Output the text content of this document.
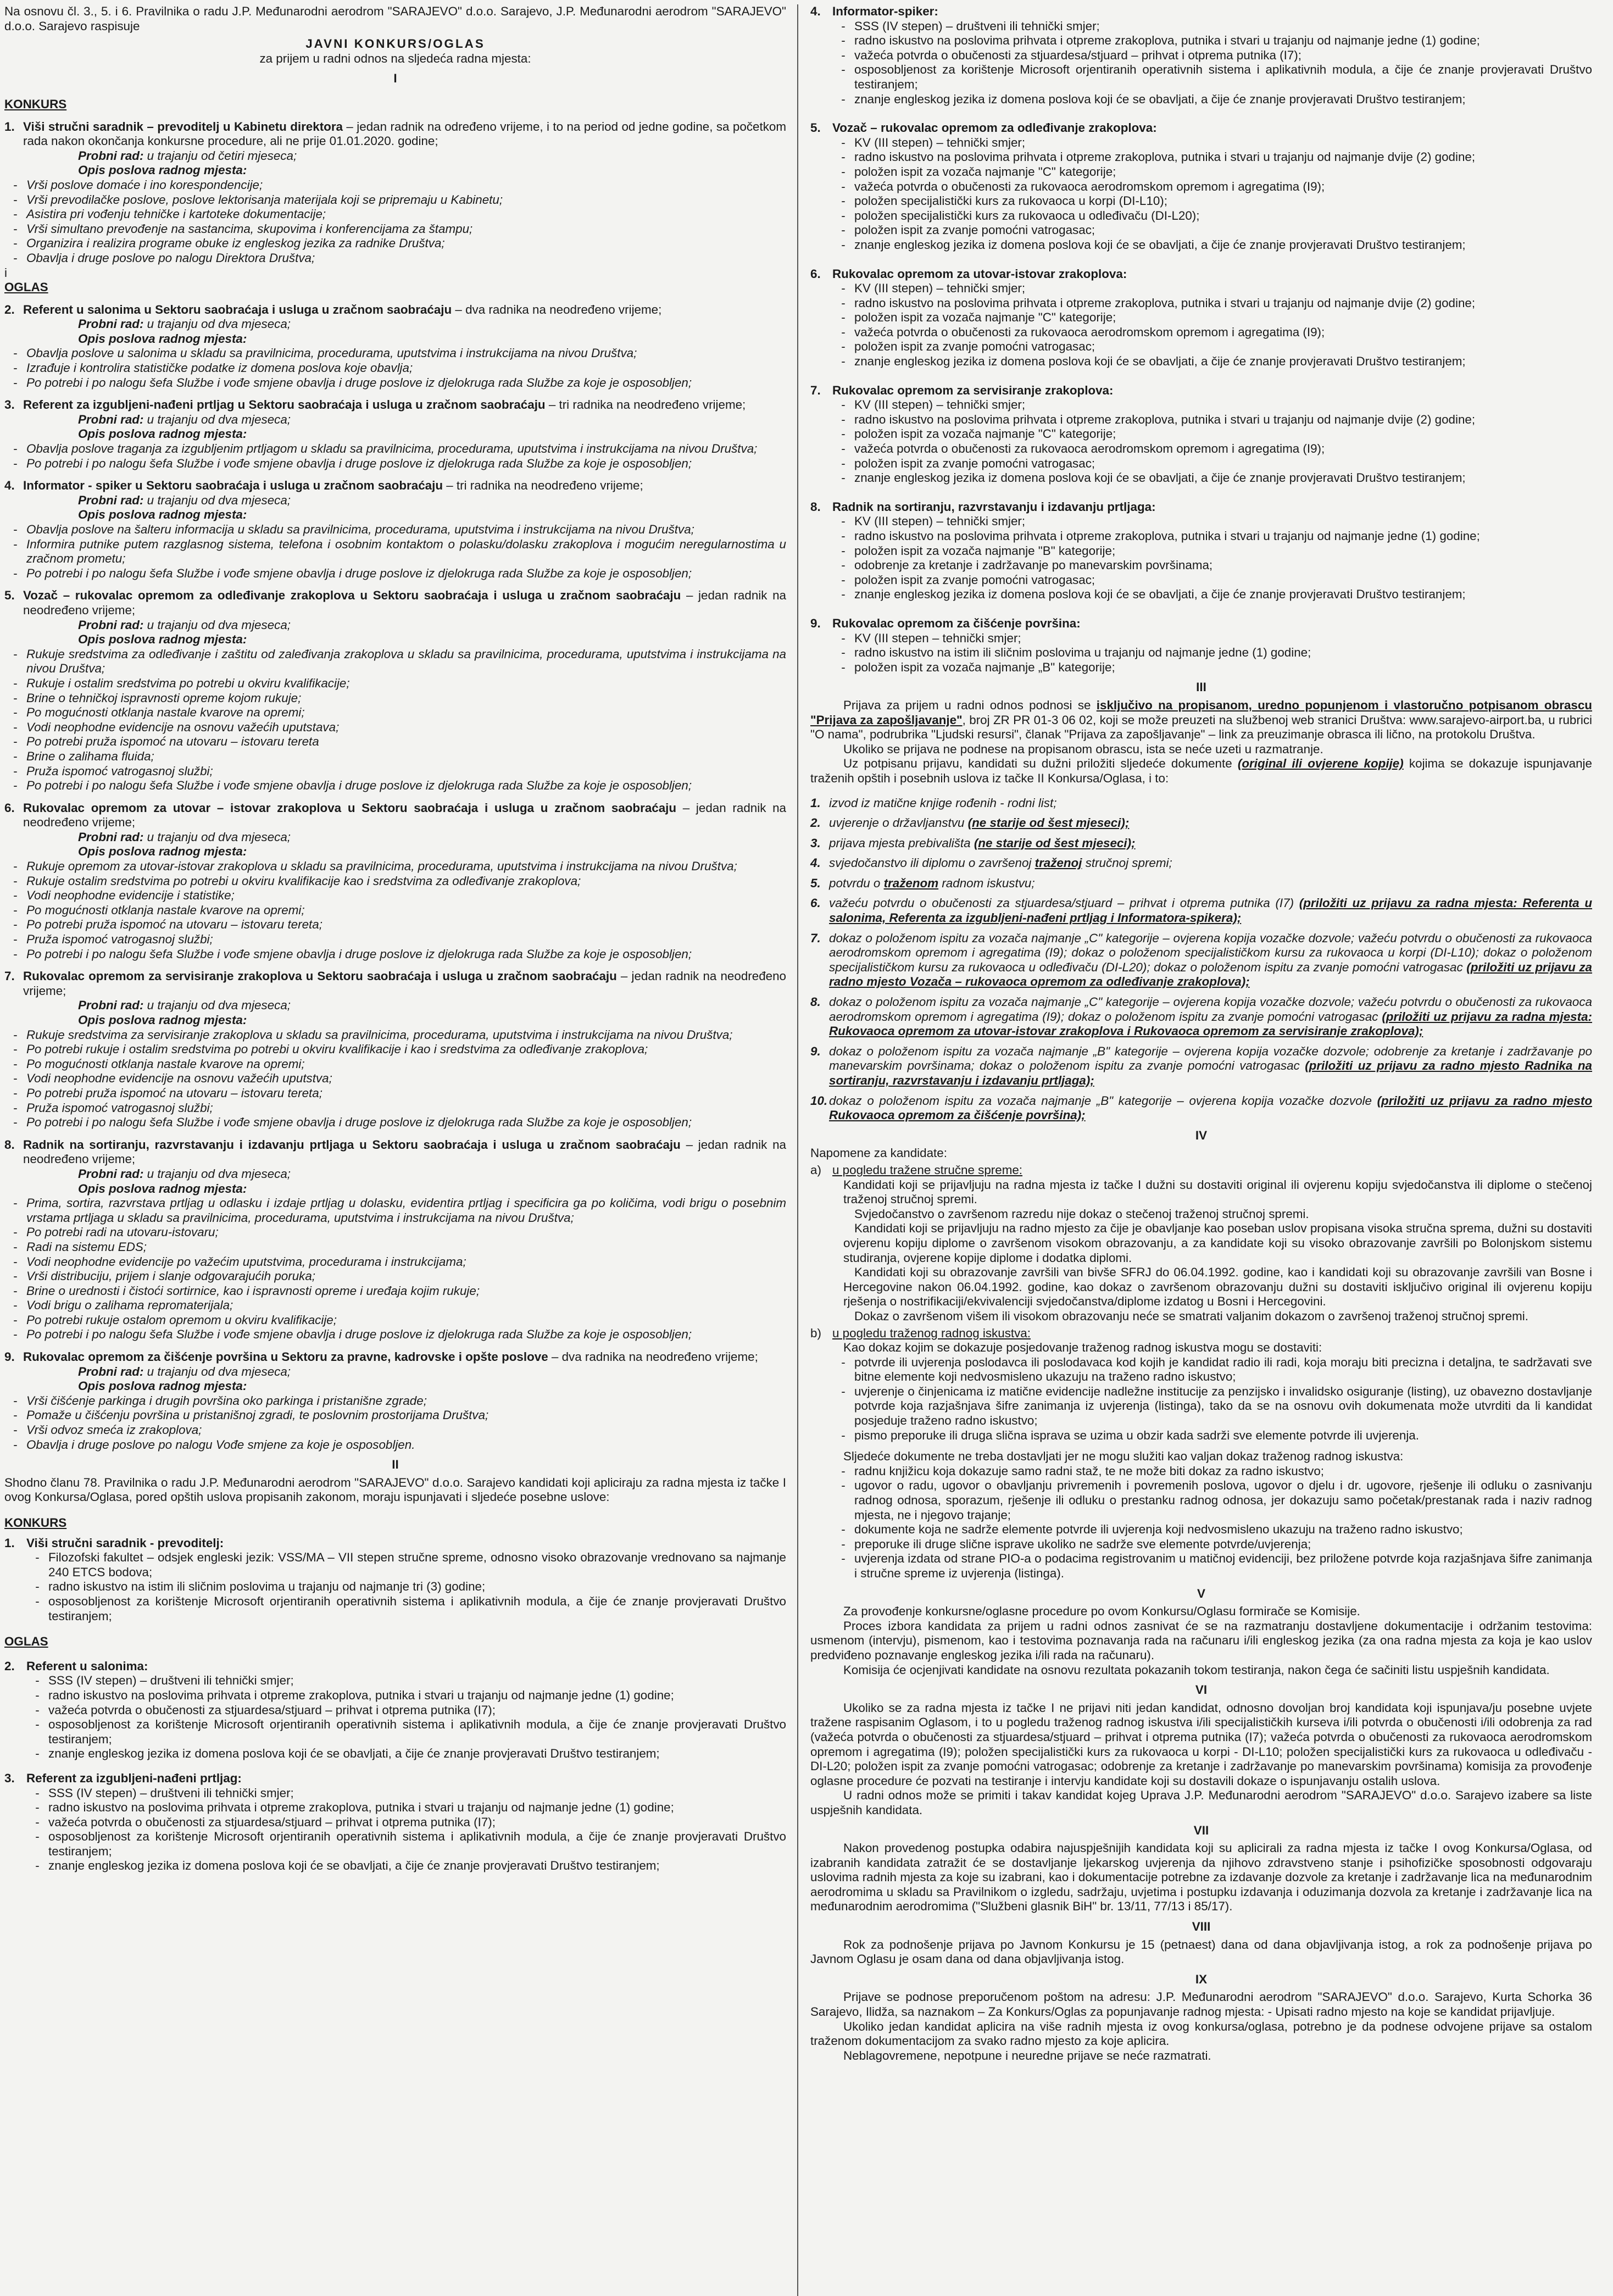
Na osnovu čl. 3., 5. i 6. Pravilnika o radu J.P. Međunarodni aerodrom "SARAJEVO" d.o.o. Sarajevo, J.P. Međunarodni aerodrom "SARAJEVO" d.o.o. Sarajevo raspisuje

JAVNI KONKURS/OGLAS

za prijem u radni odnos na sljedeća radna mjesta:

I

KONKURS

1. Viši stručni saradnik – prevoditelj u Kabinetu direktora – jedan radnik na određeno vrijeme, i to na period od jedne godine, sa početkom rada nakon okončanja konkursne procedure, ali ne prije 01.01.2020. godine;

Probni rad: u trajanju od četiri mjeseca;

Opis poslova radnog mjesta:

- Vrši poslove domaće i ino korespondencije;
- Vrši prevodilačke poslove, poslove lektorisanja materijala koji se pripremaju u Kabinetu;
- Asistira pri vođenju tehničke i kartoteke dokumentacije;
- Vrši simultano prevođenje na sastancima, skupovima i konferencijama za štampu;
- Organizira i realizira programe obuke iz engleskog jezika za radnike Društva;
- Obavlja i druge poslove po nalogu Direktora Društva;

i

OGLAS

2. Referent u salonima u Sektoru saobraćaja i usluga u zračnom saobraćaju – dva radnika na neodređeno vrijeme;

Probni rad: u trajanju od dva mjeseca;

Opis poslova radnog mjesta:

- Obavlja poslove u salonima u skladu sa pravilnicima, procedurama, uputstvima i instrukcijama na nivou Društva;
- Izrađuje i kontrolira statističke podatke iz domena poslova koje obavlja;
- Po potrebi i po nalogu šefa Službe i vođe smjene obavlja i druge poslove iz djelokruga rada Službe za koje je osposobljen;
3. Referent za izgubljeni-nađeni prtljag u Sektoru saobraćaja i usluga u zračnom saobraćaju – tri radnika na neodređeno vrijeme;

Probni rad: u trajanju od dva mjeseca;

Opis poslova radnog mjesta:

- Obavlja poslove traganja za izgubljenim prtljagom u skladu sa pravilnicima, procedurama, uputstvima i instrukcijama na nivou Društva;
- Po potrebi i po nalogu šefa Službe i vođe smjene obavlja i druge poslove iz djelokruga rada Službe za koje je osposobljen;
4. Informator - spiker u Sektoru saobraćaja i usluga u zračnom saobraćaju – tri radnika na neodređeno vrijeme;

Probni rad: u trajanju od dva mjeseca;

Opis poslova radnog mjesta:

- Obavlja poslove na šalteru informacija u skladu sa pravilnicima, procedurama, uputstvima i instrukcijama na nivou Društva;
- Informira putnike putem razglasnog sistema, telefona i osobnim kontaktom o polasku/dolasku zrakoplova i mogućim neregularnostima u zračnom prometu;
- Po potrebi i po nalogu šefa Službe i vođe smjene obavlja i druge poslove iz djelokruga rada Službe za koje je osposobljen;
5. Vozač – rukovalac opremom za odleđivanje zrakoplova u Sektoru saobraćaja i usluga u zračnom saobraćaju – jedan radnik na neodređeno vrijeme;

Probni rad: u trajanju od dva mjeseca;

Opis poslova radnog mjesta:

- Rukuje sredstvima za odleđivanje i zaštitu od zaleđivanja zrakoplova u skladu sa pravilnicima, procedurama, uputstvima i instrukcijama na nivou Društva;
- Rukuje i ostalim sredstvima po potrebi u okviru kvalifikacije;
- Brine o tehničkoj ispravnosti opreme kojom rukuje;
- Po mogućnosti otklanja nastale kvarove na opremi;
- Vodi neophodne evidencije na osnovu važećih uputstava;
- Po potrebi pruža ispomoć na utovaru – istovaru tereta
- Brine o zalihama fluida;
- Pruža ispomoć vatrogasnoj službi;
- Po potrebi i po nalogu šefa Službe i vođe smjene obavlja i druge poslove iz djelokruga rada Službe za koje je osposobljen;
6. Rukovalac opremom za utovar – istovar zrakoplova u Sektoru saobraćaja i usluga u zračnom saobraćaju – jedan radnik na neodređeno vrijeme;

Probni rad: u trajanju od dva mjeseca;

Opis poslova radnog mjesta:

- Rukuje opremom za utovar-istovar zrakoplova u skladu sa pravilnicima, procedurama, uputstvima i instrukcijama na nivou Društva;
- Rukuje ostalim sredstvima po potrebi u okviru kvalifikacije kao i sredstvima za odleđivanje zrakoplova;
- Vodi neophodne evidencije i statistike;
- Po mogućnosti otklanja nastale kvarove na opremi;
- Po potrebi pruža ispomoć na utovaru – istovaru tereta;
- Pruža ispomoć vatrogasnoj službi;
- Po potrebi i po nalogu šefa Službe i vođe smjene obavlja i druge poslove iz djelokruga rada Službe za koje je osposobljen;
7. Rukovalac opremom za servisiranje zrakoplova u Sektoru saobraćaja i usluga u zračnom saobraćaju – jedan radnik na neodređeno vrijeme;

Probni rad: u trajanju od dva mjeseca;

Opis poslova radnog mjesta:

- Rukuje sredstvima za servisiranje zrakoplova u skladu sa pravilnicima, procedurama, uputstvima i instrukcijama na nivou Društva;
- Po potrebi rukuje i ostalim sredstvima po potrebi u okviru kvalifikacije i kao i sredstvima za odleđivanje zrakoplova;
- Po mogućnosti otklanja nastale kvarove na opremi;
- Vodi neophodne evidencije na osnovu važećih uputstva;
- Po potrebi pruža ispomoć na utovaru – istovaru tereta;
- Pruža ispomoć vatrogasnoj službi;
- Po potrebi i po nalogu šefa Službe i vođe smjene obavlja i druge poslove iz djelokruga rada Službe za koje je osposobljen;
8. Radnik na sortiranju, razvrstavanju i izdavanju prtljaga u Sektoru saobraćaja i usluga u zračnom saobraćaju – jedan radnik na neodređeno vrijeme;

Probni rad: u trajanju od dva mjeseca;

Opis poslova radnog mjesta:

- Prima, sortira, razvrstava prtljag u odlasku i izdaje prtljag u dolasku, evidentira prtljag i specificira ga po količima, vodi brigu o posebnim vrstama prtljaga u skladu sa pravilnicima, procedurama, uputstvima i instrukcijama na nivou Društva;
- Po potrebi radi na utovaru-istovaru;
- Radi na sistemu EDS;
- Vodi neophodne evidencije po važećim uputstvima, procedurama i instrukcijama;
- Vrši distribuciju, prijem i slanje odgovarajućih poruka;
- Brine o urednosti i čistoći sortirnice, kao i ispravnosti opreme i uređaja kojim rukuje;
- Vodi brigu o zalihama repromaterijala;
- Po potrebi rukuje ostalom opremom u okviru kvalifikacije;
- Po potrebi i po nalogu šefa Službe i vođe smjene obavlja i druge poslove iz djelokruga rada Službe za koje je osposobljen;
9. Rukovalac opremom za čišćenje površina u Sektoru za pravne, kadrovske i opšte poslove – dva radnika na neodređeno vrijeme;

Probni rad: u trajanju od dva mjeseca;

Opis poslova radnog mjesta:

- Vrši čišćenje parkinga i drugih površina oko parkinga i pristanišne zgrade;
- Pomaže u čišćenju površina u pristanišnoj zgradi, te poslovnim prostorijama Društva;
- Vrši odvoz smeća iz zrakoplova;
- Obavlja i druge poslove po nalogu Vođe smjene za koje je osposobljen.

II

Shodno članu 78. Pravilnika o radu J.P. Međunarodni aerodrom "SARAJEVO" d.o.o. Sarajevo kandidati koji apliciraju za radna mjesta iz tačke I ovog Konkursa/Oglasa, pored opštih uslova propisanih zakonom, moraju ispunjavati i sljedeće posebne uslove:

KONKURS

1. Viši stručni saradnik - prevoditelj:
- Filozofski fakultet – odsjek engleski jezik: VSS/MA – VII stepen stručne spreme, odnosno visoko obrazovanje vrednovano sa najmanje 240 ETCS bodova;
- radno iskustvo na istim ili sličnim poslovima u trajanju od najmanje tri (3) godine;
- osposobljenost za korištenje Microsoft orjentiranih operativnih sistema i aplikativnih modula, a čije će znanje provjeravati Društvo testiranjem;

OGLAS

2. Referent u salonima:
- SSS (IV stepen) – društveni ili tehnički smjer;
- radno iskustvo na poslovima prihvata i otpreme zrakoplova, putnika i stvari u trajanju od najmanje jedne (1) godine;
- važeća potvrda o obučenosti za stjuardesa/stjuard – prihvat i otprema putnika (I7);
- osposobljenost za korištenje Microsoft orjentiranih operativnih sistema i aplikativnih modula, a čije će znanje provjeravati Društvo testiranjem;
- znanje engleskog jezika iz domena poslova koji će se obavljati, a čije će znanje provjeravati Društvo testiranjem;
3. Referent za izgubljeni-nađeni prtljag:
- SSS (IV stepen) – društveni ili tehnički smjer;
- radno iskustvo na poslovima prihvata i otpreme zrakoplova, putnika i stvari u trajanju od najmanje jedne (1) godine;
- važeća potvrda o obučenosti za stjuardesa/stjuard – prihvat i otprema putnika (I7);
- osposobljenost za korištenje Microsoft orjentiranih operativnih sistema i aplikativnih modula, a čije će znanje provjeravati Društvo testiranjem;
- znanje engleskog jezika iz domena poslova koji će se obavljati, a čije će znanje provjeravati Društvo testiranjem;
4. Informator-spiker:
- SSS (IV stepen) – društveni ili tehnički smjer;
- radno iskustvo na poslovima prihvata i otpreme zrakoplova, putnika i stvari u trajanju od najmanje jedne (1) godine;
- važeća potvrda o obučenosti za stjuardesa/stjuard – prihvat i otprema putnika (I7);
- osposobljenost za korištenje Microsoft orjentiranih operativnih sistema i aplikativnih modula, a čije će znanje provjeravati Društvo testiranjem;
- znanje engleskog jezika iz domena poslova koji će se obavljati, a čije će znanje provjeravati Društvo testiranjem;
5. Vozač – rukovalac opremom za odleđivanje zrakoplova:
- KV (III stepen) – tehnički smjer;
- radno iskustvo na poslovima prihvata i otpreme zrakoplova, putnika i stvari u trajanju od najmanje dvije (2) godine;
- položen ispit za vozača najmanje "C" kategorije;
- važeća potvrda o obučenosti za rukovaoca aerodromskom opremom i agregatima (I9);
- položen specijalistički kurs za rukovaoca u korpi (DI-L10);
- položen specijalistički kurs za rukovaoca u odleđivaču (DI-L20);
- položen ispit za zvanje pomoćni vatrogasac;
- znanje engleskog jezika iz domena poslova koji će se obavljati, a čije će znanje provjeravati Društvo testiranjem;
6. Rukovalac opremom za utovar-istovar zrakoplova:
- KV (III stepen) – tehnički smjer;
- radno iskustvo na poslovima prihvata i otpreme zrakoplova, putnika i stvari u trajanju od najmanje dvije (2) godine;
- položen ispit za vozača najmanje "C" kategorije;
- važeća potvrda o obučenosti za rukovaoca aerodromskom opremom i agregatima (I9);
- položen ispit za zvanje pomoćni vatrogasac;
- znanje engleskog jezika iz domena poslova koji će se obavljati, a čije će znanje provjeravati Društvo testiranjem;
7. Rukovalac opremom za servisiranje zrakoplova:
- KV (III stepen) – tehnički smjer;
- radno iskustvo na poslovima prihvata i otpreme zrakoplova, putnika i stvari u trajanju od najmanje dvije (2) godine;
- položen ispit za vozača najmanje "C" kategorije;
- važeća potvrda o obučenosti za rukovaoca aerodromskom opremom i agregatima (I9);
- položen ispit za zvanje pomoćni vatrogasac;
- znanje engleskog jezika iz domena poslova koji će se obavljati, a čije će znanje provjeravati Društvo testiranjem;
8. Radnik na sortiranju, razvrstavanju i izdavanju prtljaga:
- KV (III stepen) – tehnički smjer;
- radno iskustvo na poslovima prihvata i otpreme zrakoplova, putnika i stvari u trajanju od najmanje jedne (1) godine;
- položen ispit za vozača najmanje "B" kategorije;
- odobrenje za kretanje i zadržavanje po manevarskim površinama;
- položen ispit za zvanje pomoćni vatrogasac;
- znanje engleskog jezika iz domena poslova koji će se obavljati, a čije će znanje provjeravati Društvo testiranjem;
9. Rukovalac opremom za čišćenje površina:
- KV (III stepen – tehnički smjer;
- radno iskustvo na istim ili sličnim poslovima u trajanju od najmanje jedne (1) godine;
- položen ispit za vozača najmanje „B" kategorije;

III

Prijava za prijem u radni odnos podnosi se isključivo na propisanom, uredno popunjenom i vlastoručno potpisanom obrascu "Prijava za zapošljavanje", broj ZR PR 01-3 06 02, koji se može preuzeti na službenoj web stranici Društva: www.sarajevo-airport.ba, u rubrici "O nama", podrubrika "Ljudski resursi", članak "Prijava za zapošljavanje" – link za preuzimanje obrasca ili lično, na protokolu Društva.

Ukoliko se prijava ne podnese na propisanom obrascu, ista se neće uzeti u razmatranje.

Uz potpisanu prijavu, kandidati su dužni priložiti sljedeće dokumente (original ili ovjerene kopije) kojima se dokazuje ispunjavanje traženih opštih i posebnih uslova iz tačke II Konkursa/Oglasa, i to:

1. izvod iz matične knjige rođenih - rodni list;
2. uvjerenje o državljanstvu (ne starije od šest mjeseci);
3. prijava mjesta prebivališta (ne starije od šest mjeseci);
4. svjedočanstvo ili diplomu o završenoj traženoj stručnoj spremi;
5. potvrdu o traženom radnom iskustvu;
6. važeću potvrdu o obučenosti za stjuardesa/stjuard – prihvat i otprema putnika (I7) (priložiti uz prijavu za radna mjesta: Referenta u salonima, Referenta za izgubljeni-nađeni prtljag i Informatora-spikera);
7. dokaz o položenom ispitu za vozača najmanje „C" kategorije – ovjerena kopija vozačke dozvole; važeću potvrdu o obučenosti za rukovaoca aerodromskom opremom i agregatima (I9); dokaz o položenom specijalističkom kursu za rukovaoca u korpi (DI-L10); dokaz o položenom specijalističkom kursu za rukovaoca u odleđivaču (DI-L20); dokaz o položenom ispitu za zvanje pomoćni vatrogasac (priložiti uz prijavu za radno mjesto Vozača – rukovaoca opremom za odleđivanje zrakoplova);
8. dokaz o položenom ispitu za vozača najmanje „C" kategorije – ovjerena kopija vozačke dozvole; važeću potvrdu o obučenosti za rukovaoca aerodromskom opremom i agregatima (I9); dokaz o položenom ispitu za zvanje pomoćni vatrogasac (priložiti uz prijavu za radna mjesta: Rukovaoca opremom za utovar-istovar zrakoplova i Rukovaoca opremom za servisiranje zrakoplova);
9. dokaz o položenom ispitu za vozača najmanje „B" kategorije – ovjerena kopija vozačke dozvole; odobrenje za kretanje i zadržavanje po manevarskim površinama; dokaz o položenom ispitu za zvanje pomoćni vatrogasac (priložiti uz prijavu za radno mjesto Radnika na sortiranju, razvrstavanju i izdavanju prtljaga);
10. dokaz o položenom ispitu za vozača najmanje „B" kategorije – ovjerena kopija vozačke dozvole (priložiti uz prijavu za radno mjesto Rukovaoca opremom za čišćenje površina);

IV

Napomene za kandidate:

a) u pogledu tražene stručne spreme:

Kandidati koji se prijavljuju na radna mjesta iz tačke I dužni su dostaviti original ili ovjerenu kopiju svjedočanstva ili diplome o stečenoj traženoj stručnoj spremi.

Svjedočanstvo o završenom razredu nije dokaz o stečenoj traženoj stručnoj spremi.

Kandidati koji se prijavljuju na radno mjesto za čije je obavljanje kao poseban uslov propisana visoka stručna sprema, dužni su dostaviti ovjerenu kopiju diplome o završenom visokom obrazovanju, a za kandidate koji su visoko obrazovanje završili po Bolonjskom sistemu studiranja, ovjerene kopije diplome i dodatka diplomi.

Kandidati koji su obrazovanje završili van bivše SFRJ do 06.04.1992. godine, kao i kandidati koji su obrazovanje završili van Bosne i Hercegovine nakon 06.04.1992. godine, kao dokaz o završenom obrazovanju dužni su dostaviti isključivo original ili ovjerenu kopiju rješenja o nostrifikaciji/ekvivalenciji svjedočanstva/diplome izdatog u Bosni i Hercegovini.

Dokaz o završenom višem ili visokom obrazovanju neće se smatrati valjanim dokazom o završenoj traženoj stručnoj spremi.

b) u pogledu traženog radnog iskustva:

Kao dokaz kojim se dokazuje posjedovanje traženog radnog iskustva mogu se dostaviti:

- potvrde ili uvjerenja poslodavca ili poslodavaca kod kojih je kandidat radio ili radi, koja moraju biti precizna i detaljna, te sadržavati sve bitne elemente koji nedvosmisleno ukazuju na traženo radno iskustvo;
- uvjerenje o činjenicama iz matične evidencije nadležne institucije za penzijsko i invalidsko osiguranje (listing), uz obavezno dostavljanje potvrde koja razjašnjava šifre zanimanja iz uvjerenja (listinga), tako da se na osnovu ovih dokumenata može utvrditi da li kandidat posjeduje traženo radno iskustvo;
- pismo preporuke ili druga slična isprava se uzima u obzir kada sadrži sve elemente potvrde ili uvjerenja.

Sljedeće dokumente ne treba dostavljati jer ne mogu služiti kao valjan dokaz traženog radnog iskustva:

- radnu knjižicu koja dokazuje samo radni staž, te ne može biti dokaz za radno iskustvo;
- ugovor o radu, ugovor o obavljanju privremenih i povremenih poslova, ugovor o djelu i dr. ugovore, rješenje ili odluku o zasnivanju radnog odnosa, sporazum, rješenje ili odluku o prestanku radnog odnosa, jer dokazuju samo početak/prestanak rada i naziv radnog mjesta, ne i njegovo trajanje;
- dokumente koja ne sadrže elemente potvrde ili uvjerenja koji nedvosmisleno ukazuju na traženo radno iskustvo;
- preporuke ili druge slične isprave ukoliko ne sadrže sve elemente potvrde/uvjerenja;
- uvjerenja izdata od strane PIO-a o podacima registrovanim u matičnoj evidenciji, bez priložene potvrde koja razjašnjava šifre zanimanja i stručne spreme iz uvjerenja (listinga).

V

Za provođenje konkursne/oglasne procedure po ovom Konkursu/Oglasu formirače se Komisije.

Proces izbora kandidata za prijem u radni odnos zasnivat će se na razmatranju dostavljene dokumentacije i održanim testovima: usmenom (intervju), pismenom, kao i testovima poznavanja rada na računaru i/ili engleskog jezika (za ona radna mjesta za koja je kao uslov predviđeno poznavanje engleskog jezika i/ili rada na računaru).

Komisija će ocjenjivati kandidate na osnovu rezultata pokazanih tokom testiranja, nakon čega će sačiniti listu uspješnih kandidata.

VI

Ukoliko se za radna mjesta iz tačke I ne prijavi niti jedan kandidat, odnosno dovoljan broj kandidata koji ispunjava/ju posebne uvjete tražene raspisanim Oglasom, i to u pogledu traženog radnog iskustva i/ili specijalističkih kurseva i/ili potvrda o obučenosti i/ili odobrenja za rad (važeća potvrda o obučenosti za stjuardesa/stjuard – prihvat i otprema putnika (I7); važeća potvrda o obučenosti za rukovaoca aerodromskom opremom i agregatima (I9); položen specijalistički kurs za rukovaoca u korpi - DI-L10; položen specijalistički kurs za rukovaoca u odleđivaču - DI-L20; položen ispit za zvanje pomoćni vatrogasac; odobrenje za kretanje i zadržavanje po manevarskim površinama) komisija za provođenje oglasne procedure će pozvati na testiranje i intervju kandidate koji su dostavili dokaze o ispunjavanju ostalih uslova.

U radni odnos može se primiti i takav kandidat kojeg Uprava J.P. Međunarodni aerodrom "SARAJEVO" d.o.o. Sarajevo izabere sa liste uspješnih kandidata.

VII

Nakon provedenog postupka odabira najuspješnijih kandidata koji su aplicirali za radna mjesta iz tačke I ovog Konkursa/Oglasa, od izabranih kandidata zatražit će se dostavljanje ljekarskog uvjerenja da njihovo zdravstveno stanje i psihofizičke sposobnosti odgovaraju uslovima radnih mjesta za koje su izabrani, kao i dokumentacije potrebne za izdavanje dozvole za kretanje i zadržavanje lica na međunarodnim aerodromima u skladu sa Pravilnikom o izgledu, sadržaju, uvjetima i postupku izdavanja i oduzimanja dozvola za kretanje i zadržavanje lica na međunarodnim aerodromima ("Službeni glasnik BiH" br. 13/11, 77/13 i 85/17).

VIII

Rok za podnošenje prijava po Javnom Konkursu je 15 (petnaest) dana od dana objavljivanja istog, a rok za podnošenje prijava po Javnom Oglasu je osam dana od dana objavljivanja istog.

IX

Prijave se podnose preporučenom poštom na adresu: J.P. Međunarodni aerodrom "SARAJEVO" d.o.o. Sarajevo, Kurta Schorka 36 Sarajevo, Ilidža, sa naznakom – Za Konkurs/Oglas za popunjavanje radnog mjesta: - Upisati radno mjesto na koje se kandidat prijavljuje.

Ukoliko jedan kandidat aplicira na više radnih mjesta iz ovog konkursa/oglasa, potrebno je da podnese odvojene prijave sa ostalom traženom dokumentacijom za svako radno mjesto za koje aplicira.

Neblagovremene, nepotpune i neuredne prijave se neće razmatrati.
